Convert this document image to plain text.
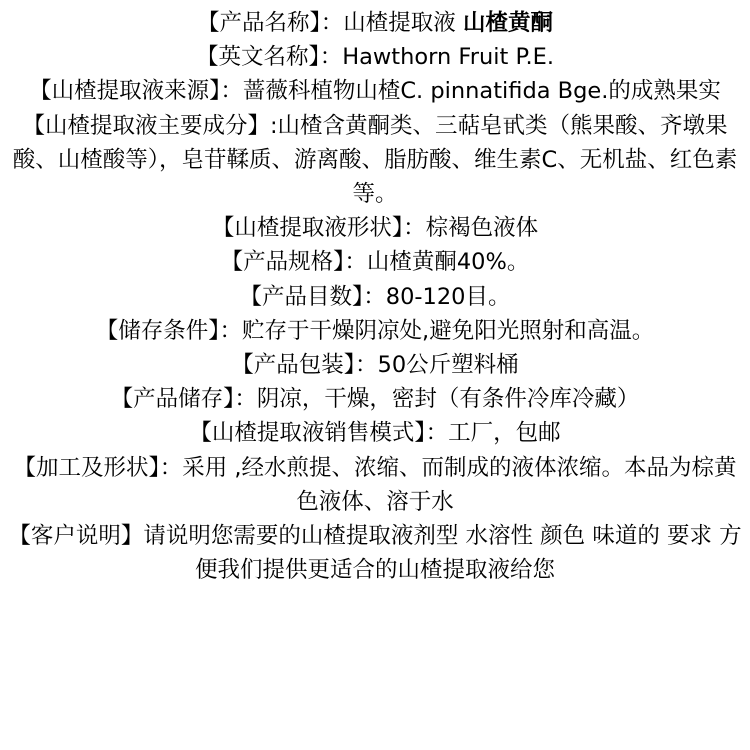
【产品名称】：山楂提取液 山楂黄酮
【英文名称】：Hawthorn Fruit P.E.
【山楂提取液来源】：蔷薇科植物山楂C. pinnatifida Bge.的成熟果实
【山楂提取液主要成分】:山楂含黄酮类、三萜皂甙类（熊果酸、齐墩果酸、山楂酸等），皂苷鞣质、游离酸、脂肪酸、维生素C、无机盐、红色素等。
【山楂提取液形状】：棕褐色液体
【产品规格】：山楂黄酮40%。
【产品目数】：80-120目。
【储存条件】：贮存于干燥阴凉处,避免阳光照射和高温。
【产品包装】：50公斤塑料桶
【产品储存】：阴凉，干燥，密封（有条件冷库冷藏）
【山楂提取液销售模式】：工厂，包邮
【加工及形状】：采用 ,经水煎提、浓缩、而制成的液体浓缩。本品为棕黄色液体、溶于水
【客户说明】请说明您需要的山楂提取液剂型 水溶性 颜色 味道的 要求 方便我们提供更适合的山楂提取液给您
